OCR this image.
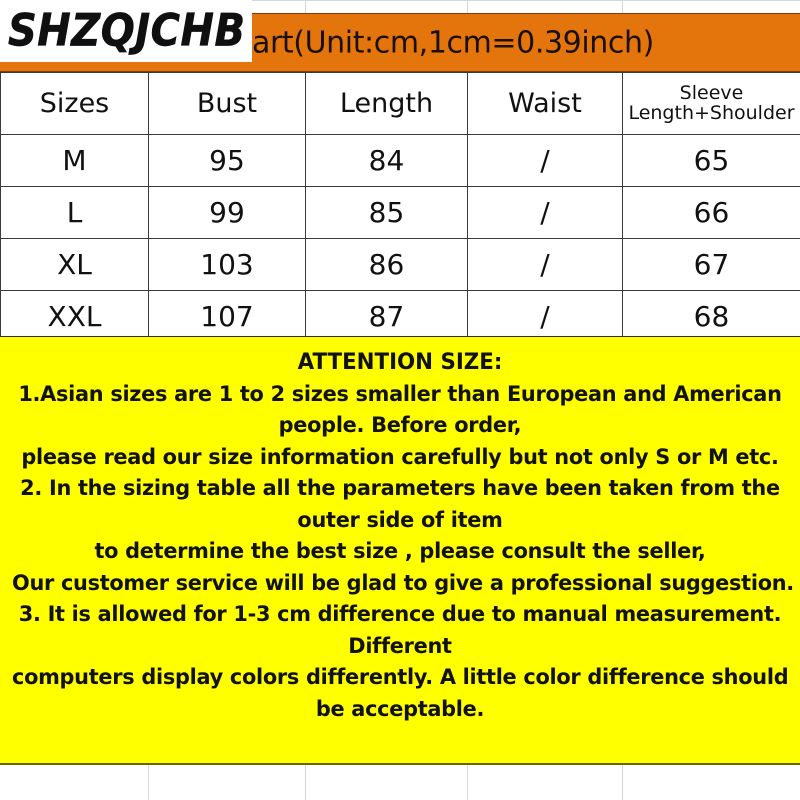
art(Unit:cm,1cm=0.39inch)
SHZQJCHB
Sizes	Bust	Length	Waist	Sleeve
Length+Shoulder

M	95	84	/	65
L	99	85	/	66
XL	103	86	/	67
XXL	107	87	/	68
ATTENTION SIZE:
1.Asian sizes are 1 to 2 sizes smaller than European and American
people. Before order,
please read our size information carefully but not only S or M etc.
2. In the sizing table all the parameters have been taken from the
outer side of item
to determine the best size , please consult the seller,
Our customer service will be glad to give a professional suggestion.
3. It is allowed for 1-3 cm difference due to manual measurement.
Different
computers display colors differently. A little color difference should
be acceptable.
